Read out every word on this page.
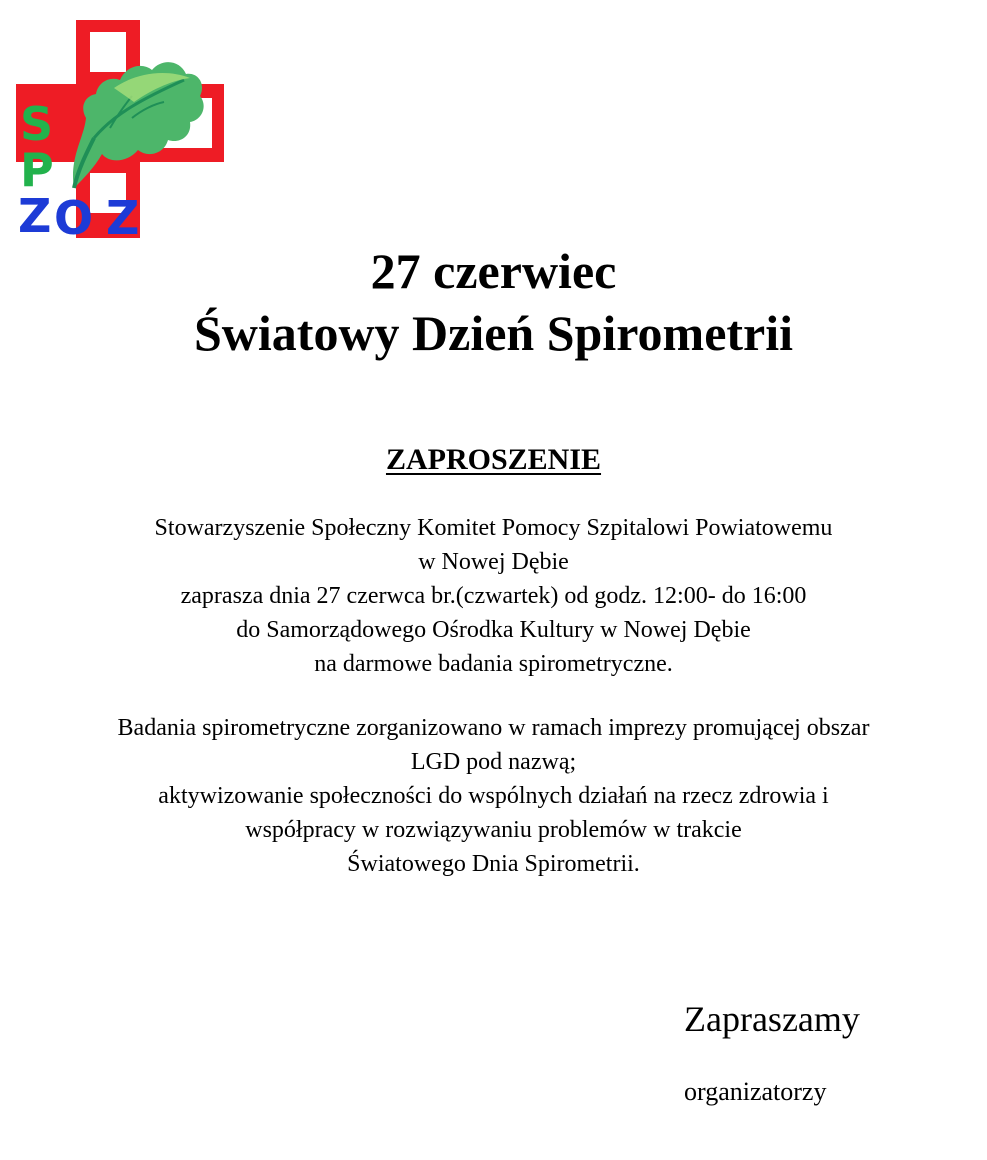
S
P
Z O Z

27 czerwiec

Światowy Dzień Spirometrii

ZAPROSZENIE
Stowarzyszenie Społeczny Komitet Pomocy Szpitalowi Powiatowemu
w Nowej Dębie
zaprasza dnia 27 czerwca br.(czwartek) od godz. 12:00- do 16:00
do Samorządowego Ośrodka Kultury w Nowej Dębie
na darmowe badania spirometryczne.
Badania spirometryczne zorganizowano w ramach imprezy promującej obszar
LGD pod nazwą;
aktywizowanie społeczności do wspólnych działań na rzecz zdrowia i
współpracy w rozwiązywaniu problemów w trakcie
Światowego Dnia Spirometrii.
Zapraszamy
organizatorzy
